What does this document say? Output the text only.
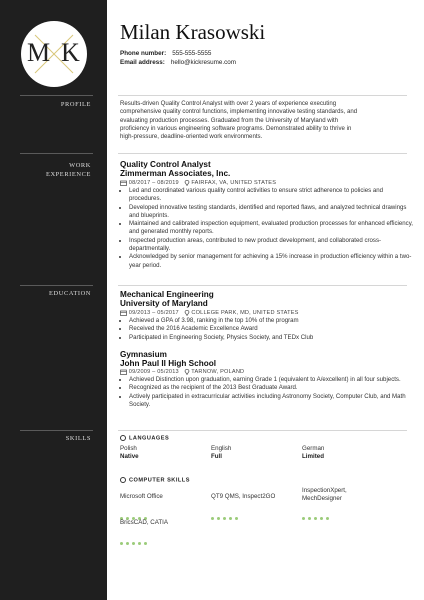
M K
PROFILE
WORK
EXPERIENCE
EDUCATION
SKILLS
Milan Krasowski
Phone number: 555-555-5555
Email address: hello@kickresume.com
Results-driven Quality Control Analyst with over 2 years of experience executing
comprehensive quality control functions, implementing innovative testing standards, and
evaluating production processes. Graduated from the University of Maryland with
proficiency in various engineering software programs. Demonstrated ability to thrive in
high-pressure, deadline-oriented work environments.
Quality Control Analyst
Zimmerman Associates, Inc.
08/2017 – 08/2019 FAIRFAX, VA, UNITED STATES
• Led and coordinated various quality control activities to ensure strict adherence to policies and procedures.
• Developed innovative testing standards, identified and reported flaws, and analyzed technical drawings and blueprints.
• Maintained and calibrated inspection equipment, evaluated production processes for enhanced efficiency, and generated monthly reports.
• Inspected production areas, contributed to new product development, and collaborated cross-departmentally.
• Acknowledged by senior management for achieving a 15% increase in production efficiency within a two-year period.
Mechanical Engineering
University of Maryland
09/2013 – 05/2017 COLLEGE PARK, MD, UNITED STATES
• Achieved a GPA of 3.98, ranking in the top 10% of the program
• Received the 2016 Academic Excellence Award
• Participated in Engineering Society, Physics Society, and TEDx Club
Gymnasium
John Paul II High School
09/2009 – 05/2013 TARNOW, POLAND
• Achieved Distinction upon graduation, earning Grade 1 (equivalent to A/excellent) in all four subjects.
• Recognized as the recipient of the 2013 Best Graduate Award.
• Actively participated in extracurricular activities including Astronomy Society, Computer Club, and Math Society.
LANGUAGES
Polish
Native
English
Full
German
Limited
COMPUTER SKILLS
Microsoft Office	QT9 QMS, Inspect2GO
InspectionXpert, MechDesigner
BricsCAD, CATIA
